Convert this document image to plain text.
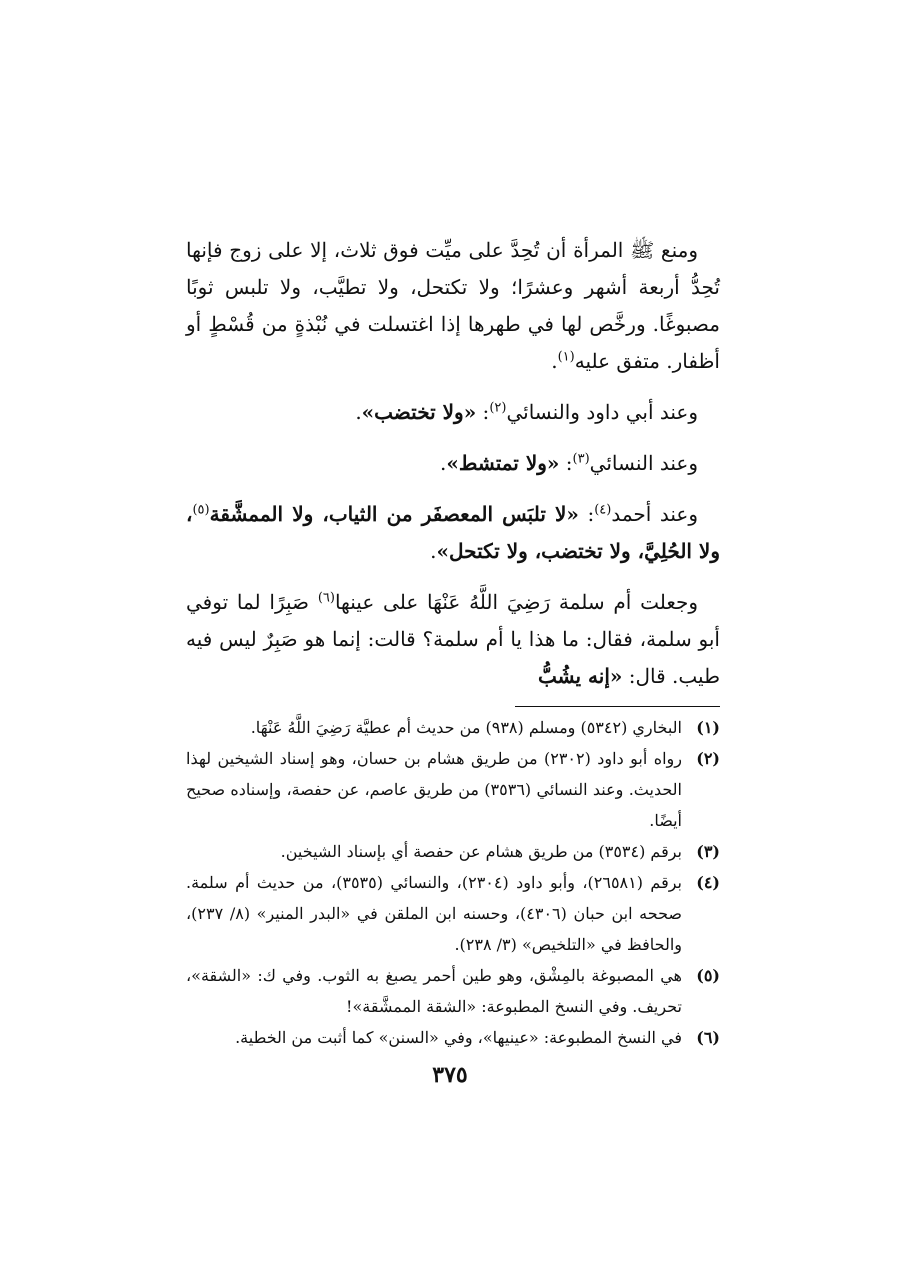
ومنع ﷺ المرأة أن تُحِدَّ على ميِّت فوق ثلاث، إلا على زوج فإنها تُحِدُّ أربعة أشهر وعشرًا؛ ولا تكتحل، ولا تطيَّب، ولا تلبس ثوبًا مصبوغًا. ورخَّص لها في طهرها إذا اغتسلت في نُبْذةٍ من قُسْطٍ أو أظفار. متفق عليه$^{(١)}$.

وعند أبي داود والنسائي$^{(٢)}$: «ولا تختضب».

وعند النسائي$^{(٣)}$: «ولا تمتشط».

وعند أحمد$^{(٤)}$: «لا تلبَس المعصفَر من الثياب، ولا الممشَّقة$^{(٥)}$، ولا الحُلِيَّ، ولا تختضب، ولا تكتحل».

وجعلت أم سلمة رَضِيَ اللَّهُ عَنْهَا على عينها$^{(٦)}$ صَبِرًا لما توفي أبو سلمة، فقال: ما هذا يا أم سلمة؟ قالت: إنما هو صَبِرٌ ليس فيه طيب. قال: «إنه يشُبُّ

(١)
البخاري (٥٣٤٢) ومسلم (٩٣٨) من حديث أم عطيَّة رَضِيَ اللَّهُ عَنْهَا.
(٢)
رواه أبو داود (٢٣٠٢) من طريق هشام بن حسان، وهو إسناد الشيخين لهذا الحديث. وعند النسائي (٣٥٣٦) من طريق عاصم، عن حفصة، وإسناده صحيح أيضًا.
(٣)
برقم (٣٥٣٤) من طريق هشام عن حفصة أي بإسناد الشيخين.
(٤)
برقم (٢٦٥٨١)، وأبو داود (٢٣٠٤)، والنسائي (٣٥٣٥)، من حديث أم سلمة. صححه ابن حبان (٤٣٠٦)، وحسنه ابن الملقن في «البدر المنير» (٨/ ٢٣٧)، والحافظ في «التلخيص» (٣/ ٢٣٨).
(٥)
هي المصبوغة بالمِشْق، وهو طين أحمر يصبغ به الثوب. وفي ك: «الشقة»، تحريف. وفي النسخ المطبوعة: «الشقة الممشَّقة»!
(٦)
في النسخ المطبوعة: «عينيها»، وفي «السنن» كما أثبت من الخطية.
٣٧٥
